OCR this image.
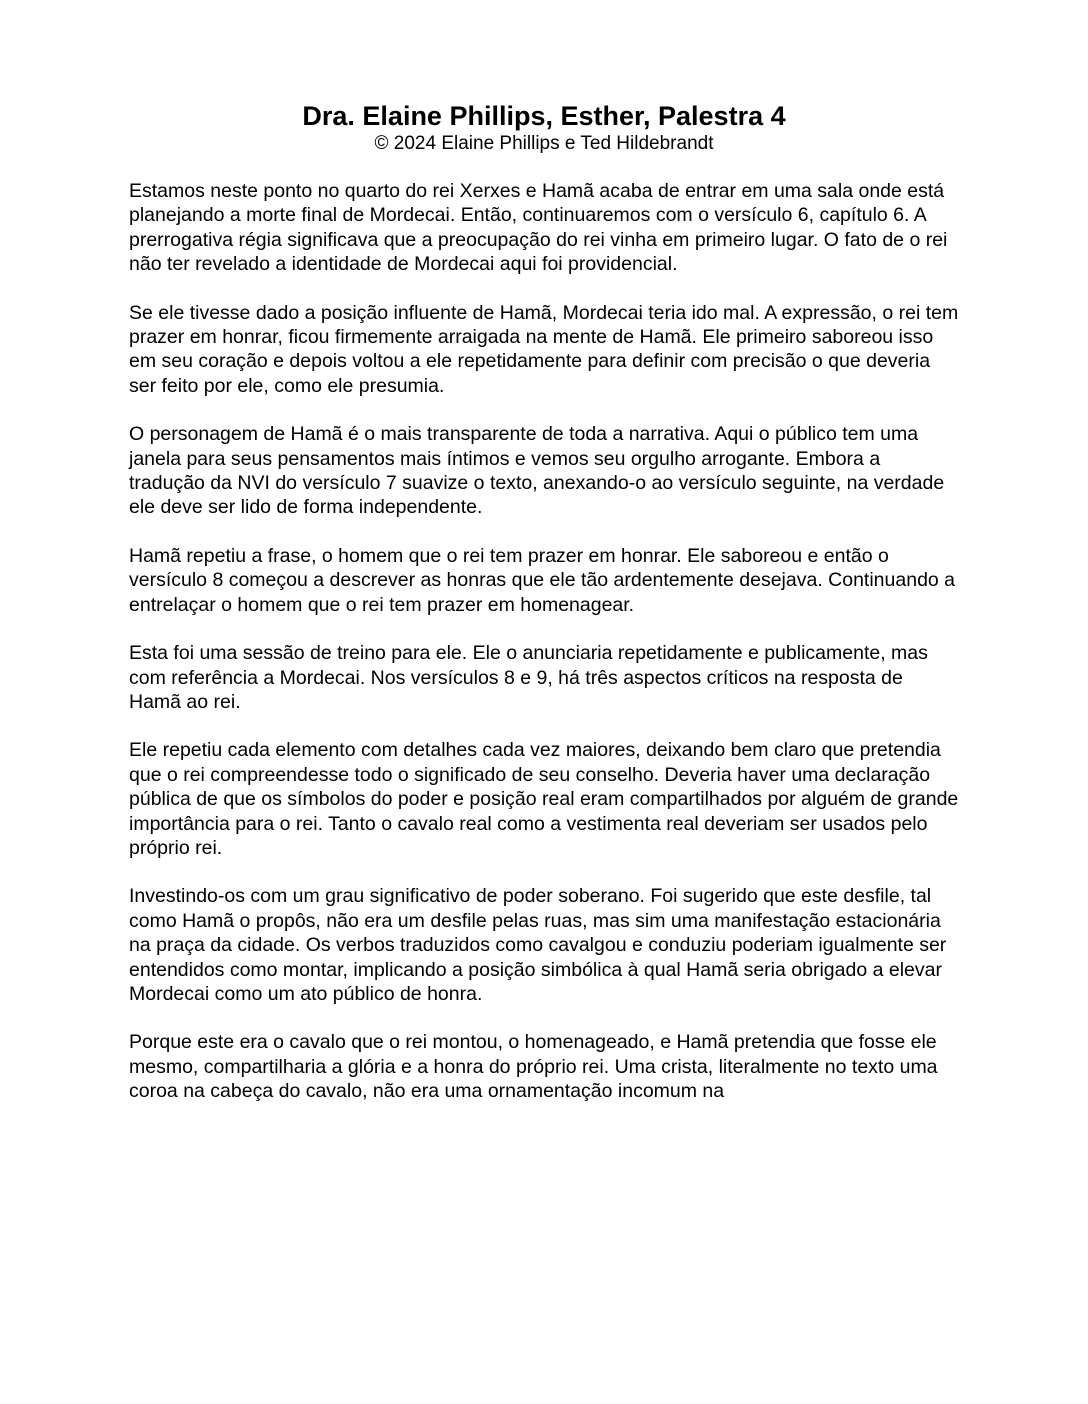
Dra. Elaine Phillips, Esther, Palestra 4

© 2024 Elaine Phillips e Ted Hildebrandt

Estamos neste ponto no quarto do rei Xerxes e Hamã acaba de entrar em uma sala onde está planejando a morte final de Mordecai. Então, continuaremos com o versículo 6, capítulo 6. A prerrogativa régia significava que a preocupação do rei vinha em primeiro lugar. O fato de o rei não ter revelado a identidade de Mordecai aqui foi providencial.

Se ele tivesse dado a posição influente de Hamã, Mordecai teria ido mal. A expressão, o rei tem prazer em honrar, ficou firmemente arraigada na mente de Hamã. Ele primeiro saboreou isso em seu coração e depois voltou a ele repetidamente para definir com precisão o que deveria ser feito por ele, como ele presumia.

O personagem de Hamã é o mais transparente de toda a narrativa. Aqui o público tem uma janela para seus pensamentos mais íntimos e vemos seu orgulho arrogante. Embora a tradução da NVI do versículo 7 suavize o texto, anexando-o ao versículo seguinte, na verdade ele deve ser lido de forma independente.

Hamã repetiu a frase, o homem que o rei tem prazer em honrar. Ele saboreou e então o versículo 8 começou a descrever as honras que ele tão ardentemente desejava. Continuando a entrelaçar o homem que o rei tem prazer em homenagear.

Esta foi uma sessão de treino para ele. Ele o anunciaria repetidamente e publicamente, mas com referência a Mordecai. Nos versículos 8 e 9, há três aspectos críticos na resposta de Hamã ao rei.

Ele repetiu cada elemento com detalhes cada vez maiores, deixando bem claro que pretendia que o rei compreendesse todo o significado de seu conselho. Deveria haver uma declaração pública de que os símbolos do poder e posição real eram compartilhados por alguém de grande importância para o rei. Tanto o cavalo real como a vestimenta real deveriam ser usados pelo próprio rei.

Investindo-os com um grau significativo de poder soberano. Foi sugerido que este desfile, tal como Hamã o propôs, não era um desfile pelas ruas, mas sim uma manifestação estacionária na praça da cidade. Os verbos traduzidos como cavalgou e conduziu poderiam igualmente ser entendidos como montar, implicando a posição simbólica à qual Hamã seria obrigado a elevar Mordecai como um ato público de honra.

Porque este era o cavalo que o rei montou, o homenageado, e Hamã pretendia que fosse ele mesmo, compartilharia a glória e a honra do próprio rei. Uma crista, literalmente no texto uma coroa na cabeça do cavalo, não era uma ornamentação incomum na
